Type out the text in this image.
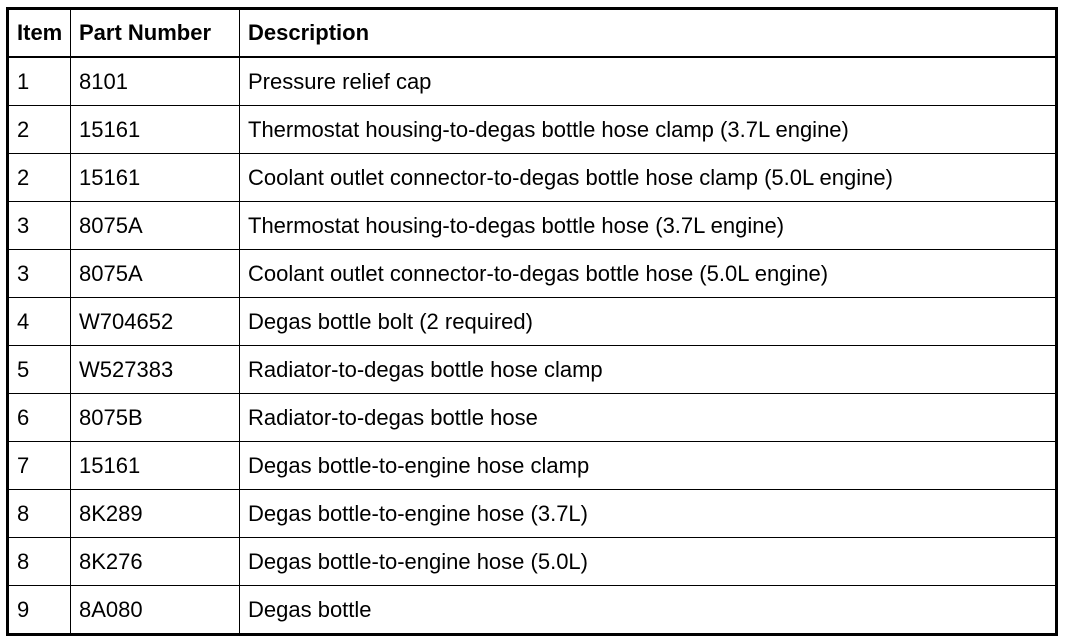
Item	Part Number	Description
1	8101	Pressure relief cap
2	15161	Thermostat housing-to-degas bottle hose clamp (3.7L engine)
2	15161	Coolant outlet connector-to-degas bottle hose clamp (5.0L engine)
3	8075A	Thermostat housing-to-degas bottle hose (3.7L engine)
3	8075A	Coolant outlet connector-to-degas bottle hose (5.0L engine)
4	W704652	Degas bottle bolt (2 required)
5	W527383	Radiator-to-degas bottle hose clamp
6	8075B	Radiator-to-degas bottle hose
7	15161	Degas bottle-to-engine hose clamp
8	8K289	Degas bottle-to-engine hose (3.7L)
8	8K276	Degas bottle-to-engine hose (5.0L)
9	8A080	Degas bottle
